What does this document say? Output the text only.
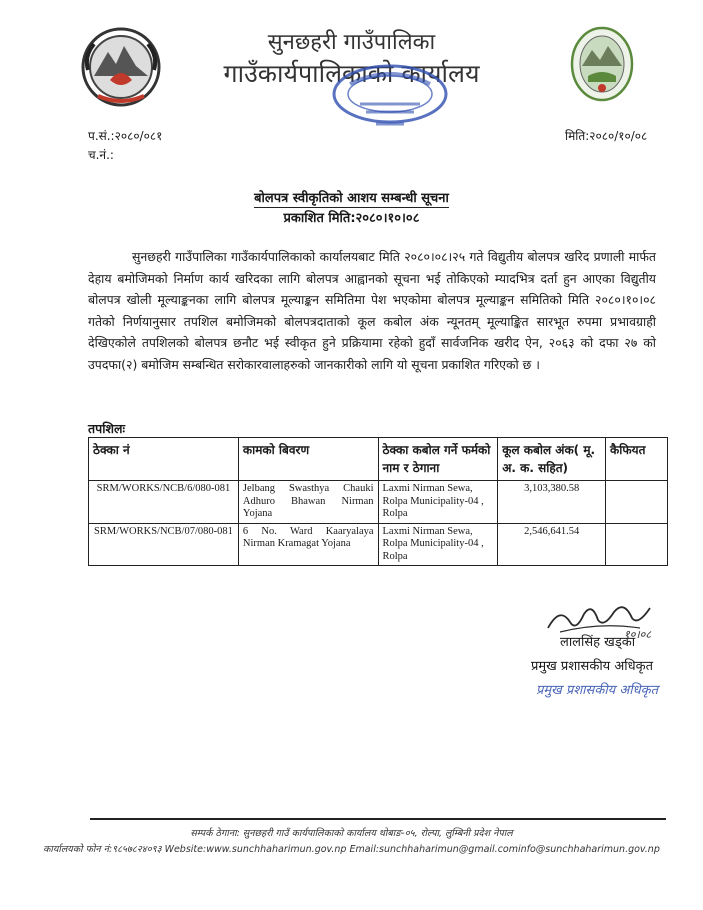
सुनछहरी गाउँपालिका
गाउँकार्यपालिकाको कार्यालय
प.सं.:२०८०/०८१
च.नं.:
मिति:२०८०/१०/०८
बोलपत्र स्वीकृतिको आशय सम्बन्धी सूचना
प्रकाशित मिति:२०८०।१०।०८
सुनछहरी गाउँपालिका गाउँकार्यपालिकाको कार्यालयबाट मिति २०८०।०८।२५ गते विद्युतीय बोलपत्र खरिद प्रणाली मार्फत देहाय बमोजिमको निर्माण कार्य खरिदका लागि बोलपत्र आह्वानको सूचना भई तोकिएको म्यादभित्र दर्ता हुन आएका विद्युतीय बोलपत्र खोली मूल्याङ्कनका लागि बोलपत्र मूल्याङ्कन समितिमा पेश भएकोमा बोलपत्र मूल्याङ्कन समितिको मिति २०८०।१०।०८ गतेको निर्णयानुसार तपशिल बमोजिमको बोलपत्रदाताको कूल कबोल अंक न्यूनतम् मूल्याङ्कित सारभूत रुपमा प्रभावग्राही देखिएकोले तपशिलको बोलपत्र छनौट भई स्वीकृत हुने प्रक्रियामा रहेको हुदाँ सार्वजनिक खरीद ऐन, २०६३ को दफा २७ को उपदफा(२) बमोजिम सम्बन्धित सरोकारवालाहरुको जानकारीको लागि यो सूचना प्रकाशित गरिएको छ ।
तपशिलः
ठेक्का नं	कामको बिवरण	ठेक्का कबोल गर्ने फर्मको नाम र ठेगाना	कूल कबोल अंक( मू. अ. क. सहित)	कैफियत
SRM/WORKS/NCB/6/080-081	Jelbang Swasthya Chauki Adhuro Bhawan Nirman Yojana	Laxmi Nirman Sewa, Rolpa Municipality-04 , Rolpa	3,103,380.58	
SRM/WORKS/NCB/07/080-081	6 No. Ward Kaaryalaya Nirman Kramagat Yojana	Laxmi Nirman Sewa, Rolpa Municipality-04 , Rolpa	2,546,641.54	
१०।०८
लालसिंह खड्का
प्रमुख प्रशासकीय अधिकृत
प्रमुख प्रशासकीय अधिकृत
सम्पर्क ठेगाना: सुनछहरी गाउँ कार्यपालिकाको कार्यालय थोबाङ-०५, रोल्पा, लुम्बिनी प्रदेश नेपाल
कार्यालयको फोन नं:९८५७८२४०९३ Website:www.sunchhaharimun.gov.np Email:sunchhaharimun@gmail.cominfo@sunchhaharimun.gov.np
